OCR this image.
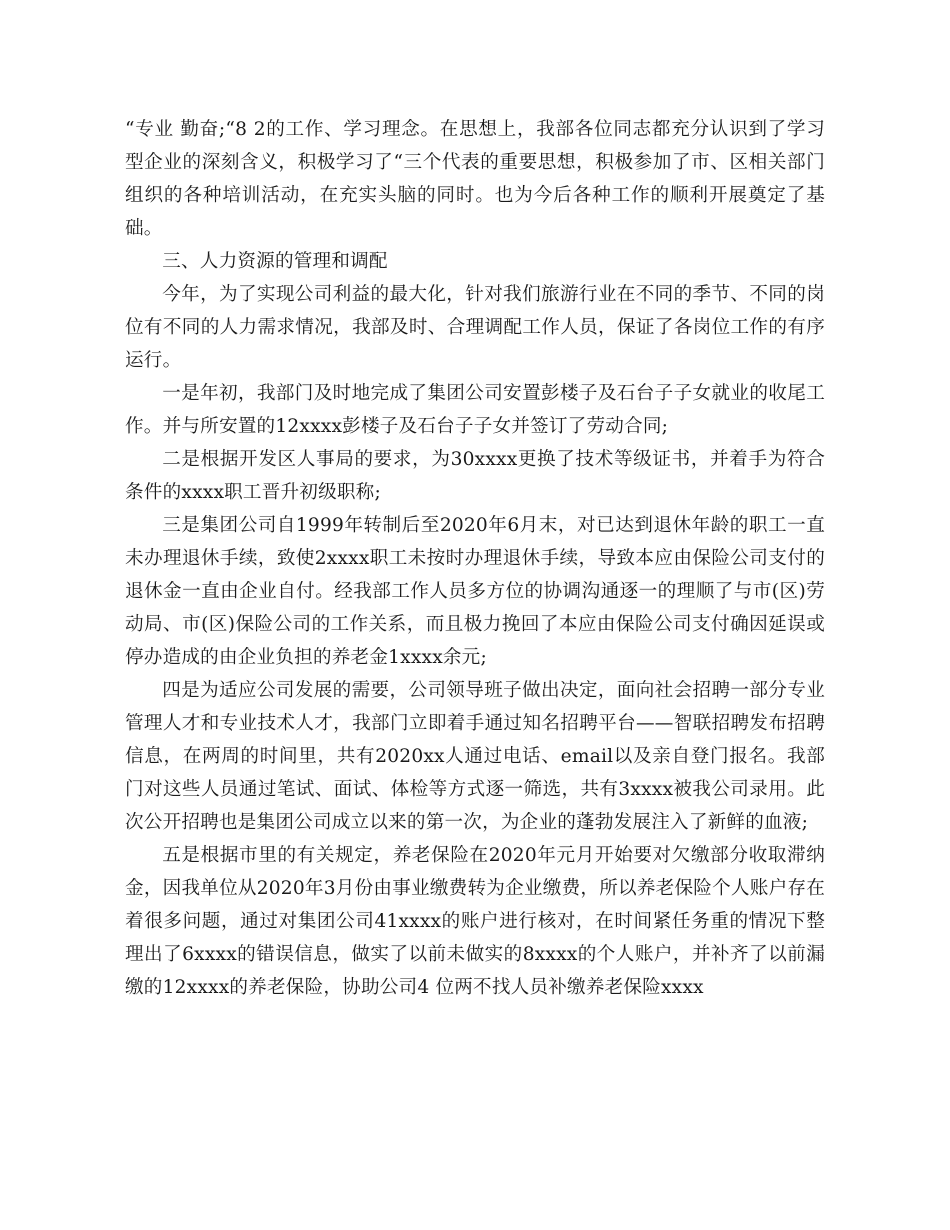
“专业 勤奋;“8 2的工作、学习理念。在思想上，我部各位同志都充分认识到了学习型企业的深刻含义，积极学习了“三个代表的重要思想，积极参加了市、区相关部门组织的各种培训活动，在充实头脑的同时。也为今后各种工作的顺利开展奠定了基础。

三、人力资源的管理和调配

今年，为了实现公司利益的最大化，针对我们旅游行业在不同的季节、不同的岗位有不同的人力需求情况，我部及时、合理调配工作人员，保证了各岗位工作的有序运行。

一是年初，我部门及时地完成了集团公司安置彭楼子及石台子子女就业的收尾工作。并与所安置的12xxxx彭楼子及石台子子女并签订了劳动合同;

二是根据开发区人事局的要求，为30xxxx更换了技术等级证书，并着手为符合条件的xxxx职工晋升初级职称;

三是集团公司自1999年转制后至2020年6月末，对已达到退休年龄的职工一直未办理退休手续，致使2xxxx职工未按时办理退休手续，导致本应由保险公司支付的退休金一直由企业自付。经我部工作人员多方位的协调沟通逐一的理顺了与市(区)劳动局、市(区)保险公司的工作关系，而且极力挽回了本应由保险公司支付确因延误或停办造成的由企业负担的养老金1xxxx余元;

四是为适应公司发展的需要，公司领导班子做出决定，面向社会招聘一部分专业管理人才和专业技术人才，我部门立即着手通过知名招聘平台——智联招聘发布招聘信息，在两周的时间里，共有2020xx人通过电话、email以及亲自登门报名。我部门对这些人员通过笔试、面试、体检等方式逐一筛选，共有3xxxx被我公司录用。此次公开招聘也是集团公司成立以来的第一次，为企业的蓬勃发展注入了新鲜的血液;

五是根据市里的有关规定，养老保险在2020年元月开始要对欠缴部分收取滞纳金，因我单位从2020年3月份由事业缴费转为企业缴费，所以养老保险个人账户存在着很多问题，通过对集团公司41xxxx的账户进行核对，在时间紧任务重的情况下整理出了6xxxx的错误信息，做实了以前未做实的8xxxx的个人账户，并补齐了以前漏缴的12xxxx的养老保险，协助公司4 位两不找人员补缴养老保险xxxx
